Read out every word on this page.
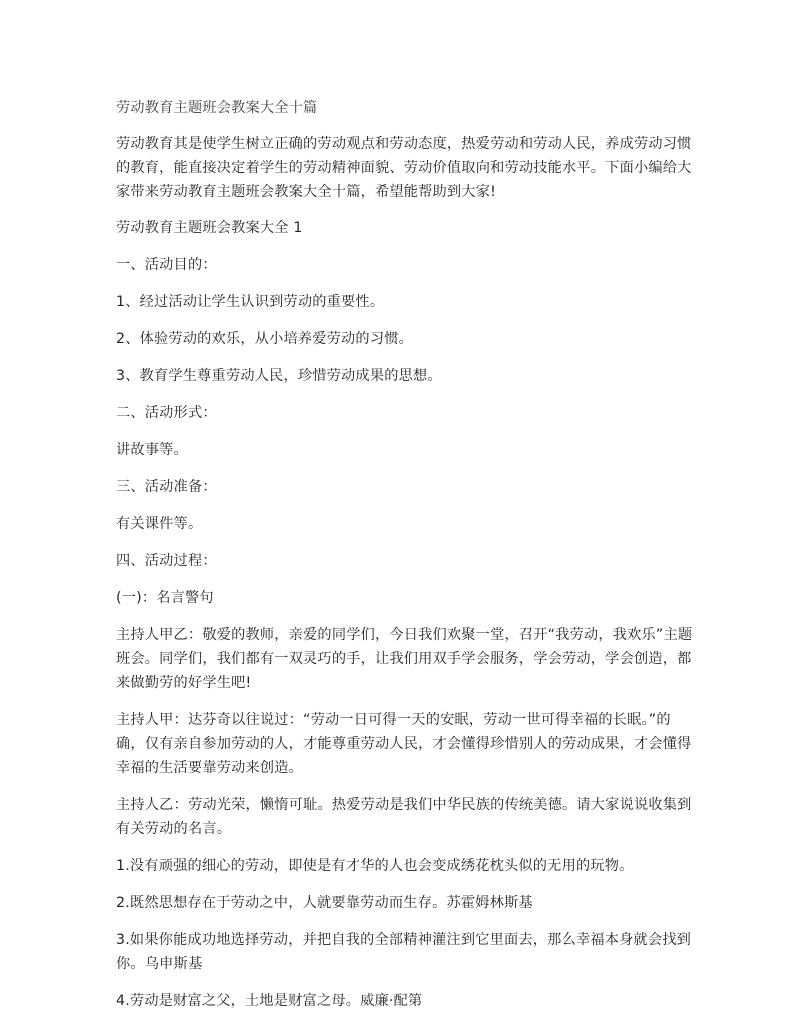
劳动教育主题班会教案大全十篇

劳动教育其是使学生树立正确的劳动观点和劳动态度，热爱劳动和劳动人民，养成劳动习惯的教育，能直接决定着学生的劳动精神面貌、劳动价值取向和劳动技能水平。下面小编给大家带来劳动教育主题班会教案大全十篇，希望能帮助到大家!

劳动教育主题班会教案大全 1

一、活动目的：

1、经过活动让学生认识到劳动的重要性。

2、体验劳动的欢乐，从小培养爱劳动的习惯。

3、教育学生尊重劳动人民，珍惜劳动成果的思想。

二、活动形式：

讲故事等。

三、活动准备：

有关课件等。

四、活动过程：

(一)：名言警句

主持人甲乙：敬爱的教师，亲爱的同学们，今日我们欢聚一堂，召开“我劳动，我欢乐”主题班会。同学们，我们都有一双灵巧的手，让我们用双手学会服务，学会劳动，学会创造，都来做勤劳的好学生吧!

主持人甲：达芬奇以往说过：“劳动一日可得一天的安眠，劳动一世可得幸福的长眠。”的确，仅有亲自参加劳动的人，才能尊重劳动人民，才会懂得珍惜别人的劳动成果，才会懂得幸福的生活要靠劳动来创造。

主持人乙：劳动光荣，懒惰可耻。热爱劳动是我们中华民族的传统美德。请大家说说收集到有关劳动的名言。

1.没有顽强的细心的劳动，即使是有才华的人也会变成绣花枕头似的无用的玩物。

2.既然思想存在于劳动之中，人就要靠劳动而生存。苏霍姆林斯基

3.如果你能成功地选择劳动，并把自我的全部精神灌注到它里面去，那么幸福本身就会找到你。乌申斯基

4.劳动是财富之父，土地是财富之母。威廉·配第
